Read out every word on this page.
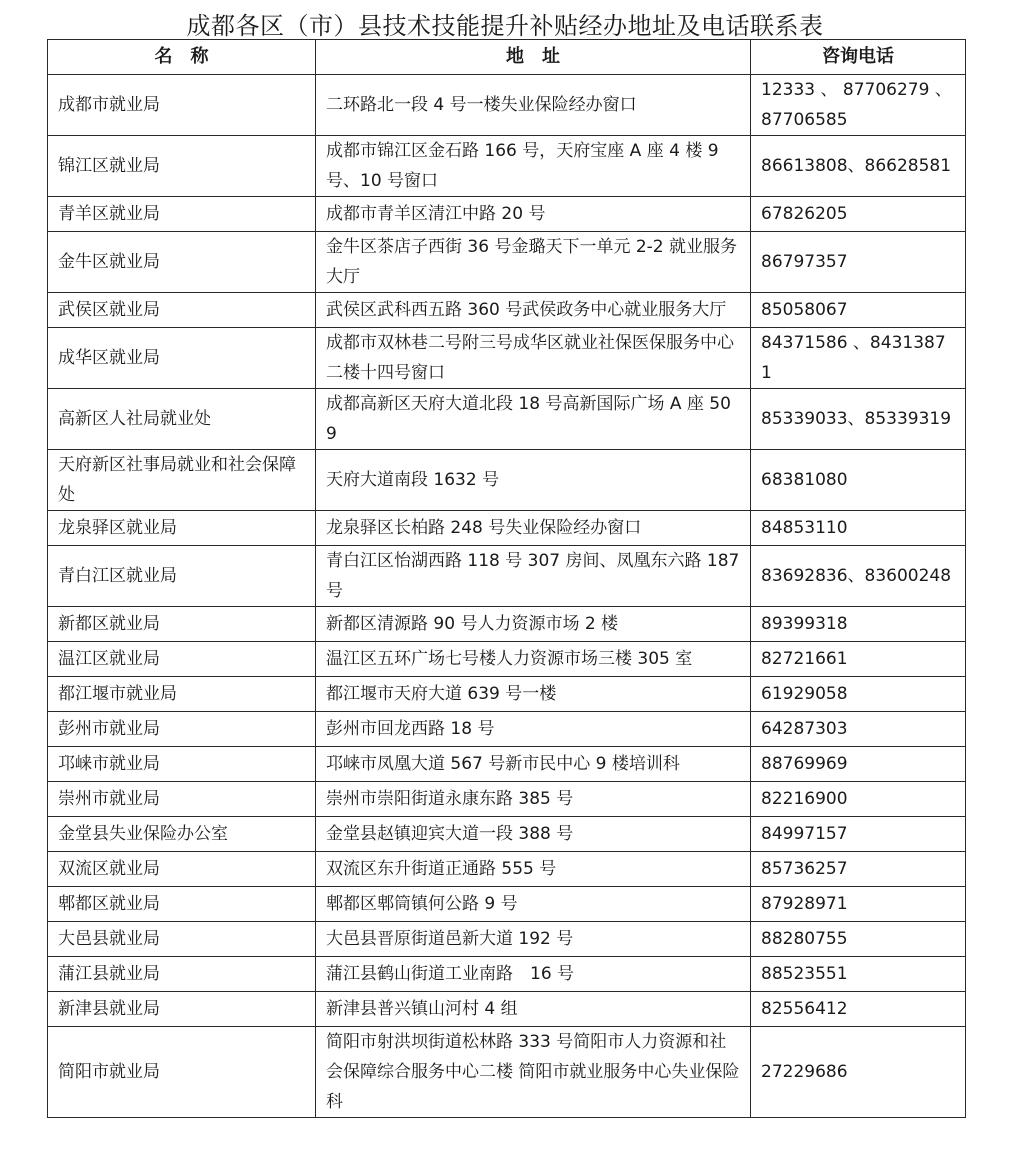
成都各区（市）县技术技能提升补贴经办地址及电话联系表
名　称	地　址	咨询电话
成都市就业局	二环路北一段 4 号一楼失业保险经办窗口	12333 、 87706279 、 87706585
锦江区就业局	成都市锦江区金石路 166 号，天府宝座 A 座 4 楼 9 号、10 号窗口	86613808、86628581
青羊区就业局	成都市青羊区清江中路 20 号	67826205
金牛区就业局	金牛区茶店子西街 36 号金璐天下一单元 2-2 就业服务大厅	86797357
武侯区就业局	武侯区武科西五路 360 号武侯政务中心就业服务大厅	85058067
成华区就业局	成都市双林巷二号附三号成华区就业社保医保服务中心二楼十四号窗口	84371586 、84313871
高新区人社局就业处	成都高新区天府大道北段 18 号高新国际广场 A 座 509	85339033、85339319
天府新区社事局就业和社会保障处	天府大道南段 1632 号	68381080
龙泉驿区就业局	龙泉驿区长柏路 248 号失业保险经办窗口	84853110
青白江区就业局	青白江区怡湖西路 118 号 307 房间、凤凰东六路 187 号	83692836、83600248
新都区就业局	新都区清源路 90 号人力资源市场 2 楼	89399318
温江区就业局	温江区五环广场七号楼人力资源市场三楼 305 室	82721661
都江堰市就业局	都江堰市天府大道 639 号一楼	61929058
彭州市就业局	彭州市回龙西路 18 号	64287303
邛崃市就业局	邛崃市凤凰大道 567 号新市民中心 9 楼培训科	88769969
崇州市就业局	崇州市崇阳街道永康东路 385 号	82216900
金堂县失业保险办公室	金堂县赵镇迎宾大道一段 388 号	84997157
双流区就业局	双流区东升街道正通路 555 号	85736257
郫都区就业局	郫都区郫筒镇何公路 9 号	87928971
大邑县就业局	大邑县晋原街道邑新大道 192 号	88280755
蒲江县就业局	蒲江县鹤山街道工业南路　16 号	88523551
新津县就业局	新津县普兴镇山河村 4 组	82556412
简阳市就业局	简阳市射洪坝街道松林路 333 号简阳市人力资源和社会保障综合服务中心二楼 简阳市就业服务中心失业保险科	27229686
